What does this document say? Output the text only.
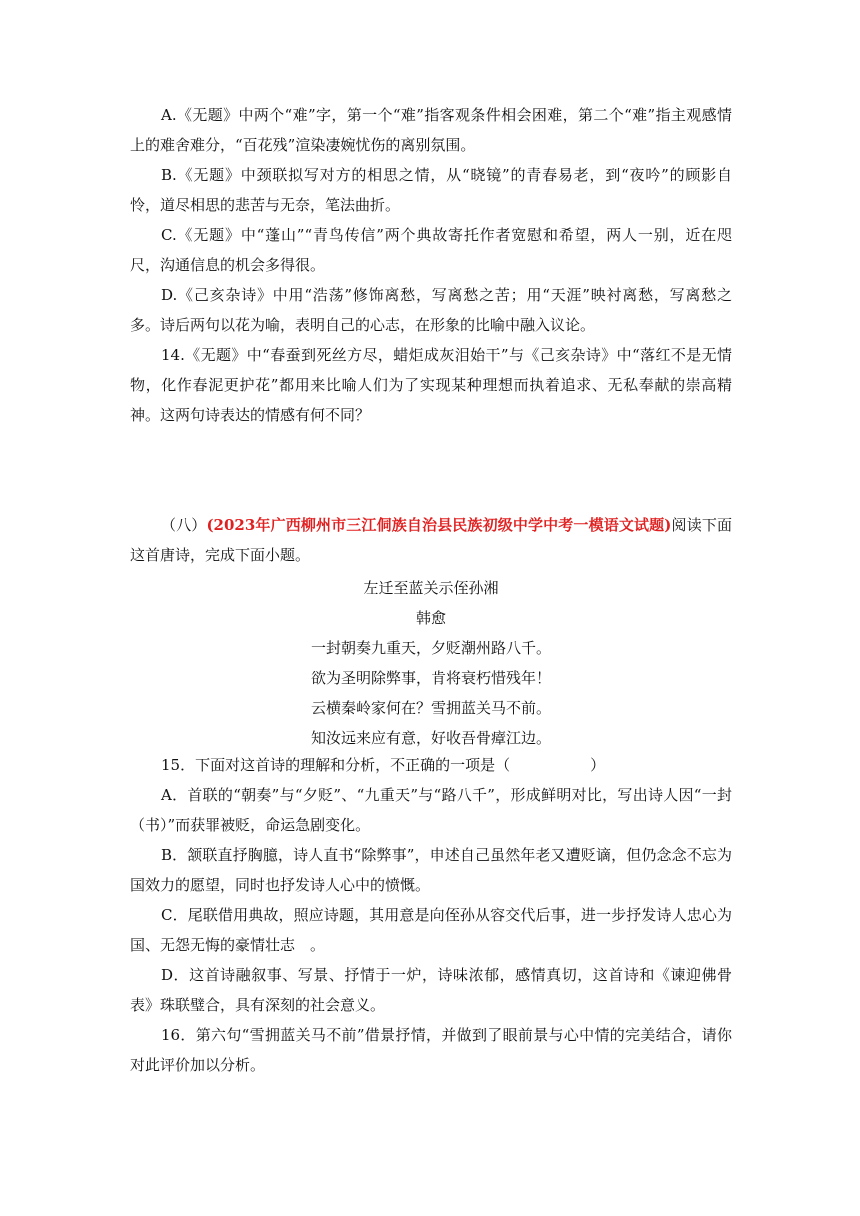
A.《无题》中两个“难”字，第一个“难”指客观条件相会困难，第二个“难”指主观感情上的难舍难分，“百花残”渲染凄婉忧伤的离别氛围。

B.《无题》中颈联拟写对方的相思之情，从“晓镜”的青春易老，到“夜吟”的顾影自怜，道尽相思的悲苦与无奈，笔法曲折。

C.《无题》中“蓬山”“青鸟传信”两个典故寄托作者宽慰和希望，两人一别，近在咫尺，沟通信息的机会多得很。

D.《己亥杂诗》中用“浩荡”修饰离愁，写离愁之苦；用“天涯”映衬离愁，写离愁之多。诗后两句以花为喻，表明自己的心志，在形象的比喻中融入议论。

14.《无题》中“春蚕到死丝方尽，蜡炬成灰泪始干”与《己亥杂诗》中“落红不是无情物，化作春泥更护花”都用来比喻人们为了实现某种理想而执着追求、无私奉献的崇高精神。这两句诗表达的情感有何不同？

（八）(2023年广西柳州市三江侗族自治县民族初级中学中考一模语文试题)阅读下面这首唐诗，完成下面小题。

左迁至蓝关示侄孙湘
韩愈
一封朝奏九重天，夕贬潮州路八千。
欲为圣明除弊事，肯将衰朽惜残年！
云横秦岭家何在？雪拥蓝关马不前。
知汝远来应有意，好收吾骨瘴江边。

15．下面对这首诗的理解和分析，不正确的一项是（	）

A．首联的“朝奏”与“夕贬”、“九重天”与“路八千”，形成鲜明对比，写出诗人因“一封（书）”而获罪被贬，命运急剧变化。

B．颔联直抒胸臆，诗人直书“除弊事”，申述自己虽然年老又遭贬谪，但仍念念不忘为国效力的愿望，同时也抒发诗人心中的愤慨。

C．尾联借用典故，照应诗题，其用意是向侄孙从容交代后事，进一步抒发诗人忠心为国、无怨无悔的豪情壮志　。

D．这首诗融叙事、写景、抒情于一炉，诗味浓郁，感情真切，这首诗和《谏迎佛骨表》珠联璧合，具有深刻的社会意义。

16．第六句“雪拥蓝关马不前”借景抒情，并做到了眼前景与心中情的完美结合，请你对此评价加以分析。
